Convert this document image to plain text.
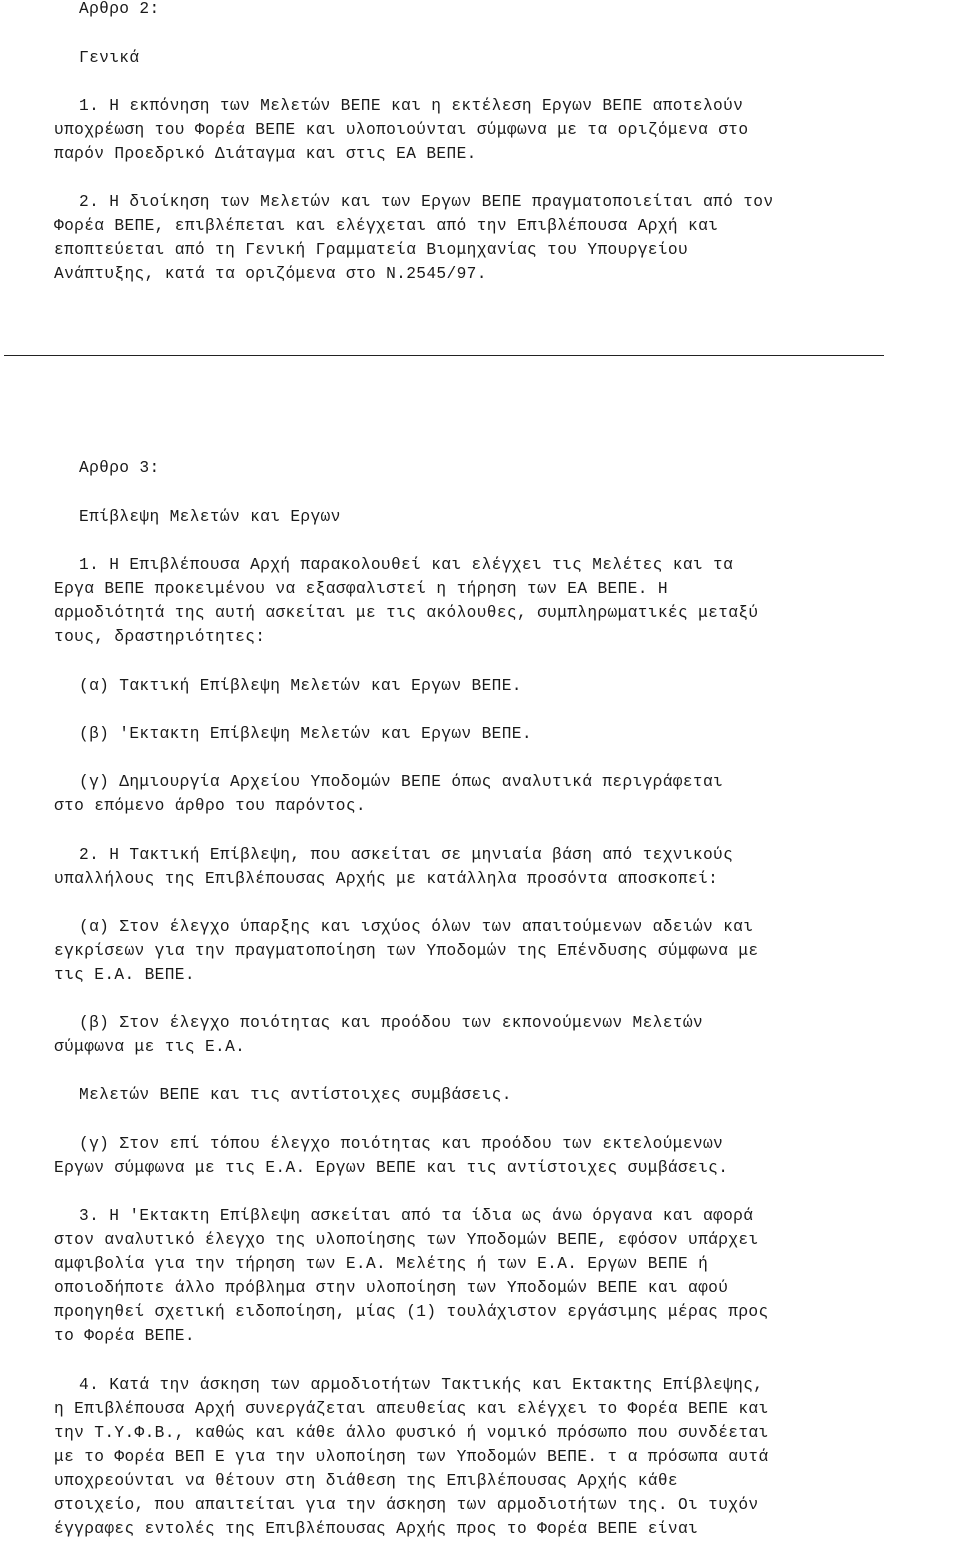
Αρθρο 2:
Γενικά
1. Η εκπόνηση των Μελετών ΒΕΠΕ και η εκτέλεση Εργων ΒΕΠΕ αποτελούν
υποχρέωση του Φορέα ΒΕΠΕ και υλοποιούνται σύμφωνα με τα οριζόμενα στο
παρόν Προεδρικό Διάταγμα και στις ΕΑ ΒΕΠΕ.
2. Η διοίκηση των Μελετών και των Εργων ΒΕΠΕ πραγματοποιείται από τον
Φορέα ΒΕΠΕ, επιβλέπεται και ελέγχεται από την Επιβλέπουσα Αρχή και
εποπτεύεται από τη Γενική Γραμματεία Βιομηχανίας του Υπουργείου
Ανάπτυξης, κατά τα οριζόμενα στο Ν.2545/97.
Αρθρο 3:
Επίβλεψη Μελετών και Εργων
1. Η Επιβλέπουσα Αρχή παρακολουθεί και ελέγχει τις Μελέτες και τα
Εργα ΒΕΠΕ προκειμένου να εξασφαλιστεί η τήρηση των ΕΑ ΒΕΠΕ. Η
αρμοδιότητά της αυτή ασκείται με τις ακόλουθες, συμπληρωματικές μεταξύ
τους, δραστηριότητες:
(α) Τακτική Επίβλεψη Μελετών και Εργων ΒΕΠΕ.
(β) 'Εκτακτη Επίβλεψη Μελετών και Εργων ΒΕΠΕ.
(γ) Δημιουργία Αρχείου Υποδομών ΒΕΠΕ όπως αναλυτικά περιγράφεται
στο επόμενο άρθρο του παρόντος.
2. Η Τακτική Επίβλεψη, που ασκείται σε μηνιαία βάση από τεχνικούς
υπαλλήλους της Επιβλέπουσας Αρχής με κατάλληλα προσόντα αποσκοπεί:
(α) Στον έλεγχο ύπαρξης και ισχύος όλων των απαιτούμενων αδειών και
εγκρίσεων για την πραγματοποίηση των Υποδομών της Επένδυσης σύμφωνα με
τις Ε.Α. ΒΕΠΕ.
(β) Στον έλεγχο ποιότητας και προόδου των εκπονούμενων Μελετών
σύμφωνα με τις Ε.Α.
Μελετών ΒΕΠΕ και τις αντίστοιχες συμβάσεις.
(γ) Στον επί τόπου έλεγχο ποιότητας και προόδου των εκτελούμενων
Εργων σύμφωνα με τις Ε.Α. Εργων ΒΕΠΕ και τις αντίστοιχες συμβάσεις.
3. Η 'Εκτακτη Επίβλεψη ασκείται από τα ίδια ως άνω όργανα και αφορά
στον αναλυτικό έλεγχο της υλοποίησης των Υποδομών ΒΕΠΕ, εφόσον υπάρχει
αμφιβολία για την τήρηση των Ε.Α. Μελέτης ή των Ε.Α. Εργων ΒΕΠΕ ή
οποιοδήποτε άλλο πρόβλημα στην υλοποίηση των Υποδομών ΒΕΠΕ και αφού
προηγηθεί σχετική ειδοποίηση, μίας (1) τουλάχιστον εργάσιμης μέρας προς
το Φορέα ΒΕΠΕ.
4. Κατά την άσκηση των αρμοδιοτήτων Τακτικής και Εκτακτης Επίβλεψης,
η Επιβλέπουσα Αρχή συνεργάζεται απευθείας και ελέγχει το Φορέα ΒΕΠΕ και
την Τ.Υ.Φ.Β., καθώς και κάθε άλλο φυσικό ή νομικό πρόσωπο που συνδέεται
με το Φορέα ΒΕΠ Ε για την υλοποίηση των Υποδομών ΒΕΠΕ. τ α πρόσωπα αυτά
υποχρεούνται να θέτουν στη διάθεση της Επιβλέπουσας Αρχής κάθε
στοιχείο, που απαιτείται για την άσκηση των αρμοδιοτήτων της. Οι τυχόν
έγγραφες εντολές της Επιβλέπουσας Αρχής προς το Φορέα ΒΕΠΕ είναι
